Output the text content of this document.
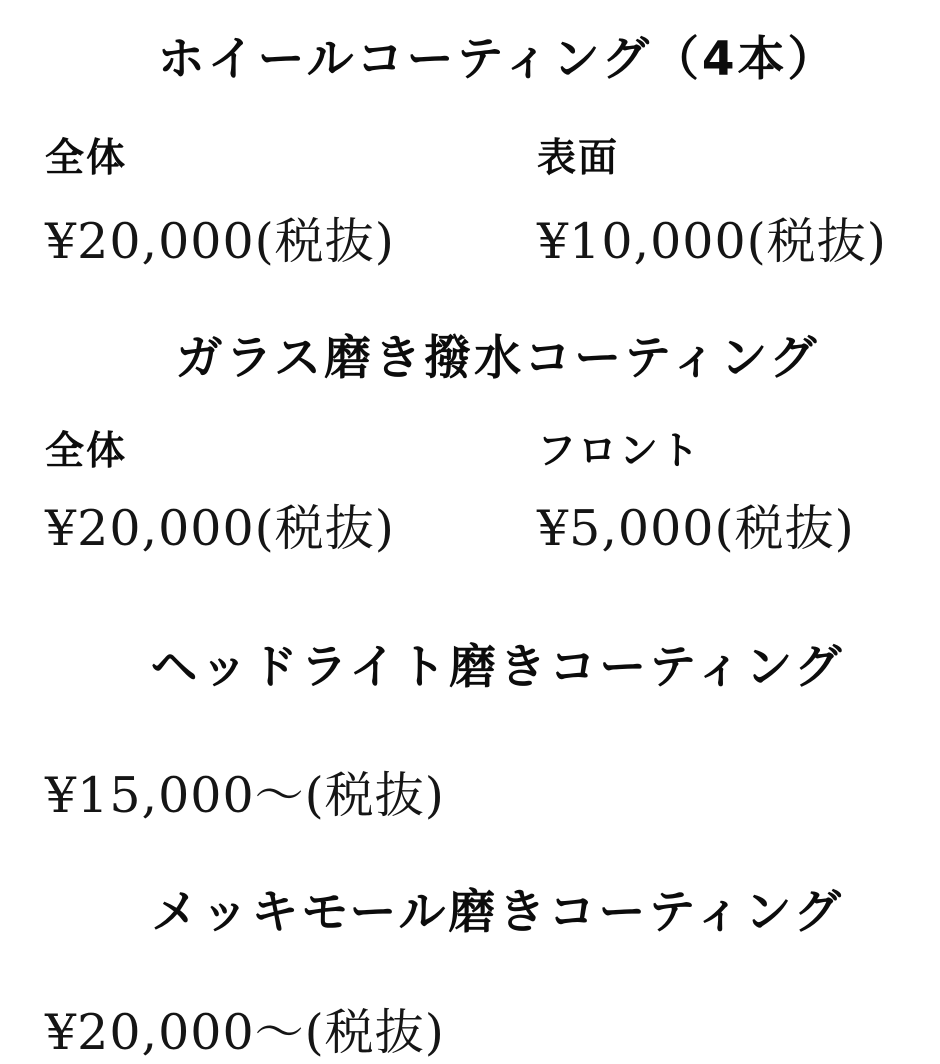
ホイールコーティング（4本）
全体	表面
¥20,000(税抜)	¥10,000(税抜)
ガラス磨き撥水コーティング
全体	フロント
¥20,000(税抜)	¥5,000(税抜)
ヘッドライト磨きコーティング
¥15,000〜(税抜)
メッキモール磨きコーティング
¥20,000〜(税抜)
